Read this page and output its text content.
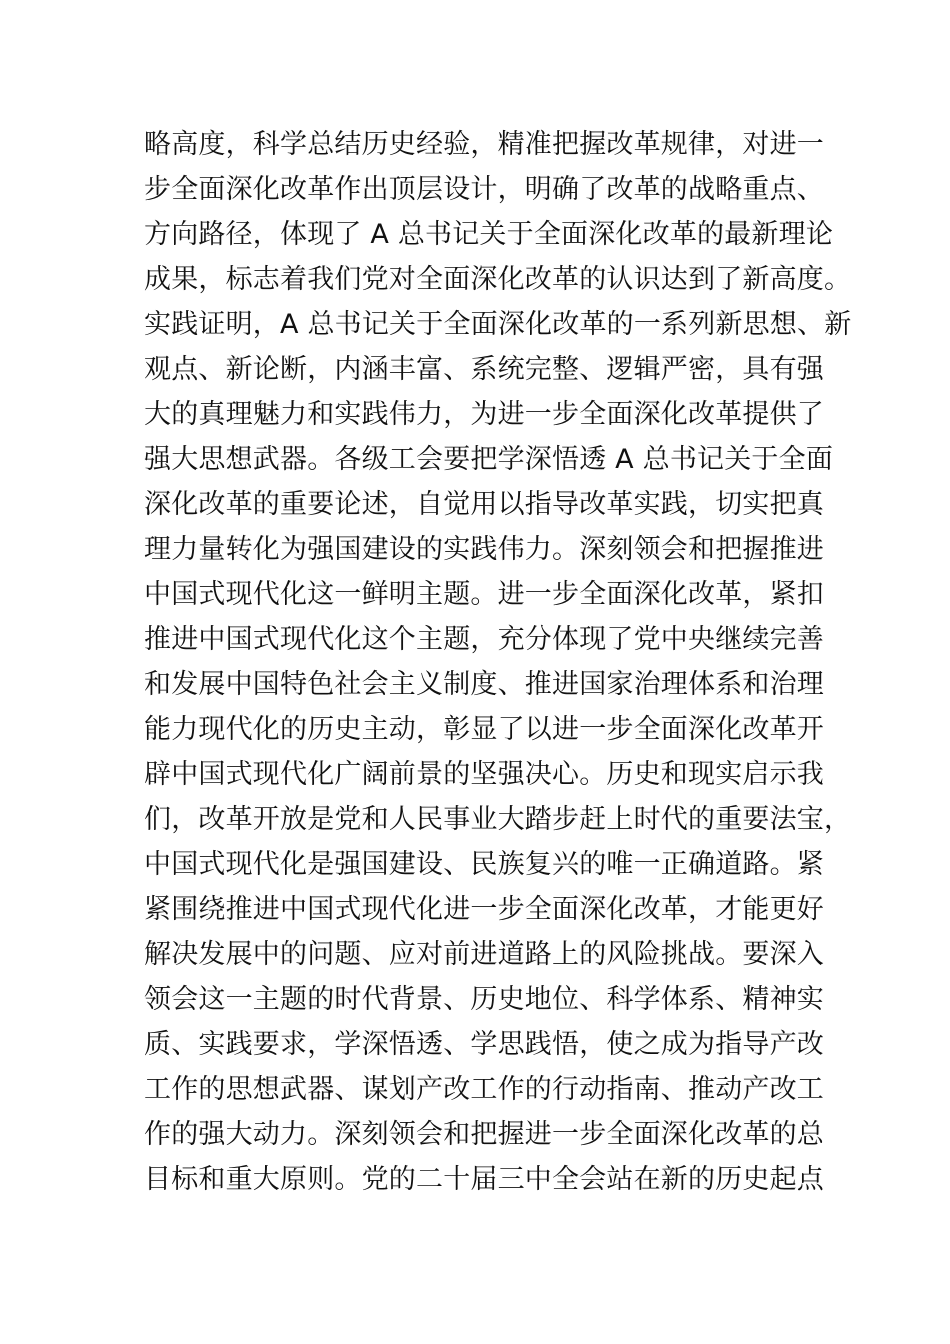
略高度，科学总结历史经验，精准把握改革规律，对进一
步全面深化改革作出顶层设计，明确了改革的战略重点、
方向路径，体现了 A 总书记关于全面深化改革的最新理论
成果，标志着我们党对全面深化改革的认识达到了新高度。
实践证明，A 总书记关于全面深化改革的一系列新思想、新
观点、新论断，内涵丰富、系统完整、逻辑严密，具有强
大的真理魅力和实践伟力，为进一步全面深化改革提供了
强大思想武器。各级工会要把学深悟透 A 总书记关于全面
深化改革的重要论述，自觉用以指导改革实践，切实把真
理力量转化为强国建设的实践伟力。深刻领会和把握推进
中国式现代化这一鲜明主题。进一步全面深化改革，紧扣
推进中国式现代化这个主题，充分体现了党中央继续完善
和发展中国特色社会主义制度、推进国家治理体系和治理
能力现代化的历史主动，彰显了以进一步全面深化改革开
辟中国式现代化广阔前景的坚强决心。历史和现实启示我
们，改革开放是党和人民事业大踏步赶上时代的重要法宝，
中国式现代化是强国建设、民族复兴的唯一正确道路。紧
紧围绕推进中国式现代化进一步全面深化改革，才能更好
解决发展中的问题、应对前进道路上的风险挑战。要深入
领会这一主题的时代背景、历史地位、科学体系、精神实
质、实践要求，学深悟透、学思践悟，使之成为指导产改
工作的思想武器、谋划产改工作的行动指南、推动产改工
作的强大动力。深刻领会和把握进一步全面深化改革的总
目标和重大原则。党的二十届三中全会站在新的历史起点
